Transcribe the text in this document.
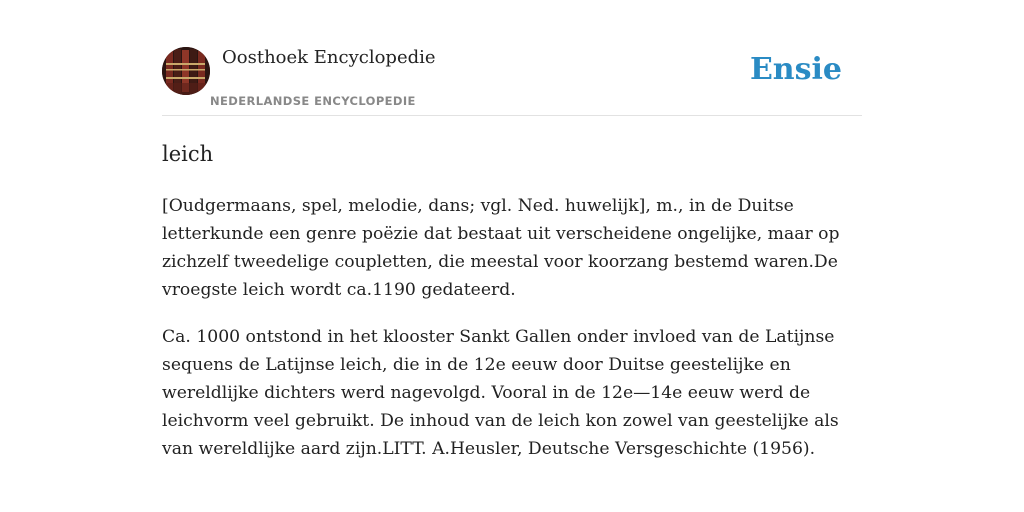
Oosthoek Encyclopedie
NEDERLANDSE ENCYCLOPEDIE
Ensie
leich

[Oudgermaans, spel, melodie, dans; vgl. Ned. huwelijk], m., in de Duitse letterkunde een genre poëzie dat bestaat uit verscheidene ongelijke, maar op zichzelf tweedelige coupletten, die meestal voor koorzang bestemd waren.De vroegste leich wordt ca.1190 gedateerd.

Ca. 1000 ontstond in het klooster Sankt Gallen onder invloed van de Latijnse sequens de Latijnse leich, die in de 12e eeuw door Duitse geestelijke en wereldlijke dichters werd nagevolgd. Vooral in de 12e—14e eeuw werd de leichvorm veel gebruikt. De inhoud van de leich kon zowel van geestelijke als van wereldlijke aard zijn.LITT. A.Heusler, Deutsche Versgeschichte (1956).
